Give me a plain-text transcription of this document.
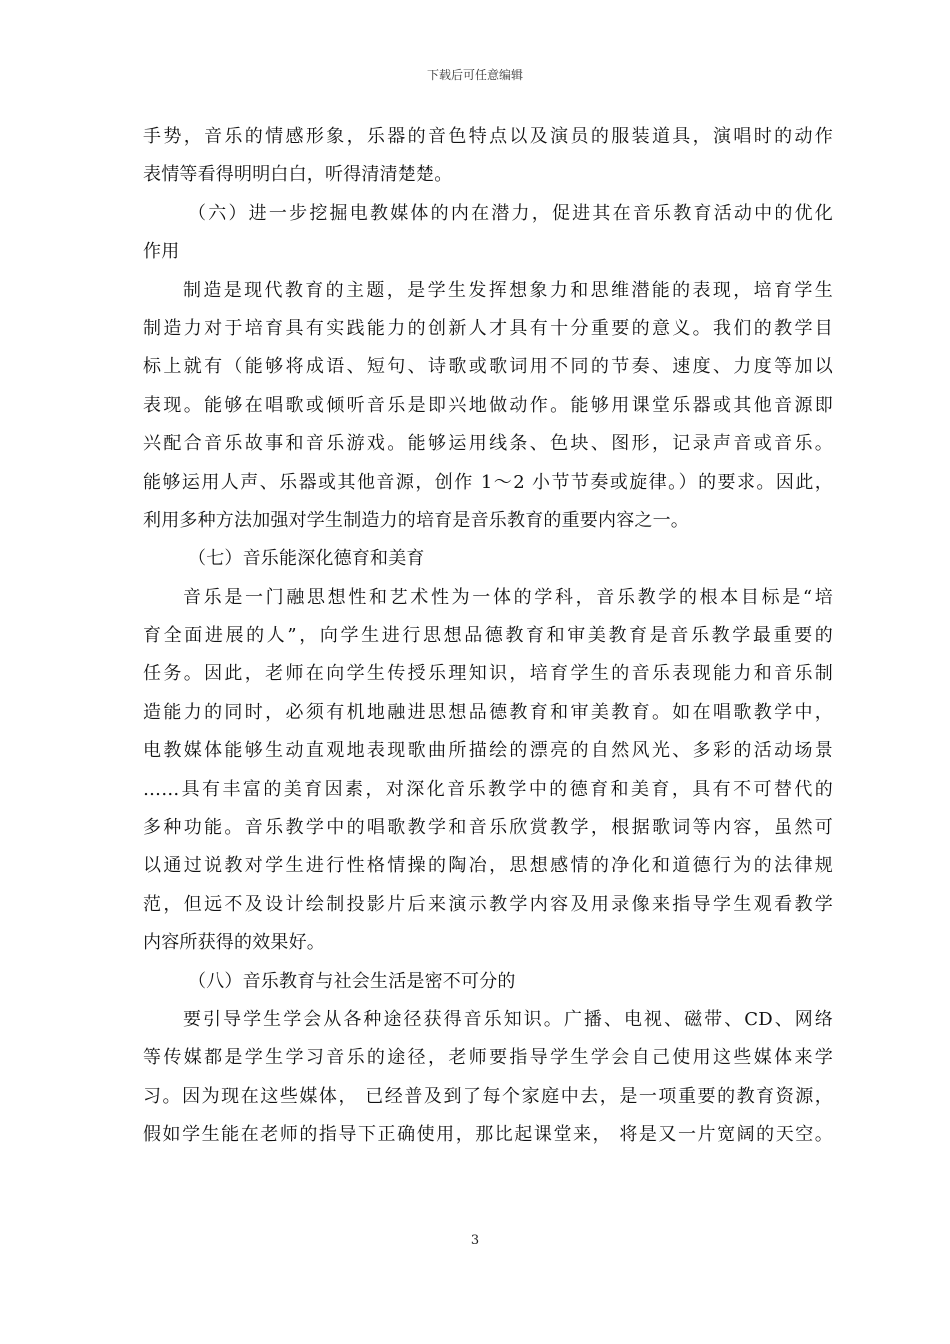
下载后可任意编辑
手势，音乐的情感形象，乐器的音色特点以及演员的服装道具，演唱时的动作
表情等看得明明白白，听得清清楚楚。
（六）进一步挖掘电教媒体的内在潜力，促进其在音乐教育活动中的优化
作用
制造是现代教育的主题，是学生发挥想象力和思维潜能的表现，培育学生
制造力对于培育具有实践能力的创新人才具有十分重要的意义。我们的教学目
标上就有（能够将成语、短句、诗歌或歌词用不同的节奏、速度、力度等加以
表现。能够在唱歌或倾听音乐是即兴地做动作。能够用课堂乐器或其他音源即
兴配合音乐故事和音乐游戏。能够运用线条、色块、图形，记录声音或音乐。
能够运用人声、乐器或其他音源，创作 1～2 小节节奏或旋律。）的要求。因此，
利用多种方法加强对学生制造力的培育是音乐教育的重要内容之一。
（七）音乐能深化德育和美育
音乐是一门融思想性和艺术性为一体的学科，音乐教学的根本目标是“培
育全面进展的人”，向学生进行思想品德教育和审美教育是音乐教学最重要的
任务。因此，老师在向学生传授乐理知识，培育学生的音乐表现能力和音乐制
造能力的同时，必须有机地融进思想品德教育和审美教育。如在唱歌教学中，
电教媒体能够生动直观地表现歌曲所描绘的漂亮的自然风光、多彩的活动场景
……具有丰富的美育因素，对深化音乐教学中的德育和美育，具有不可替代的
多种功能。音乐教学中的唱歌教学和音乐欣赏教学，根据歌词等内容，虽然可
以通过说教对学生进行性格情操的陶冶，思想感情的净化和道德行为的法律规
范，但远不及设计绘制投影片后来演示教学内容及用录像来指导学生观看教学
内容所获得的效果好。
（八）音乐教育与社会生活是密不可分的
要引导学生学会从各种途径获得音乐知识。广播、电视、磁带、CD、网络
等传媒都是学生学习音乐的途径，老师要指导学生学会自己使用这些媒体来学
习。因为现在这些媒体， 已经普及到了每个家庭中去，是一项重要的教育资源，
假如学生能在老师的指导下正确使用，那比起课堂来， 将是又一片宽阔的天空。
3
